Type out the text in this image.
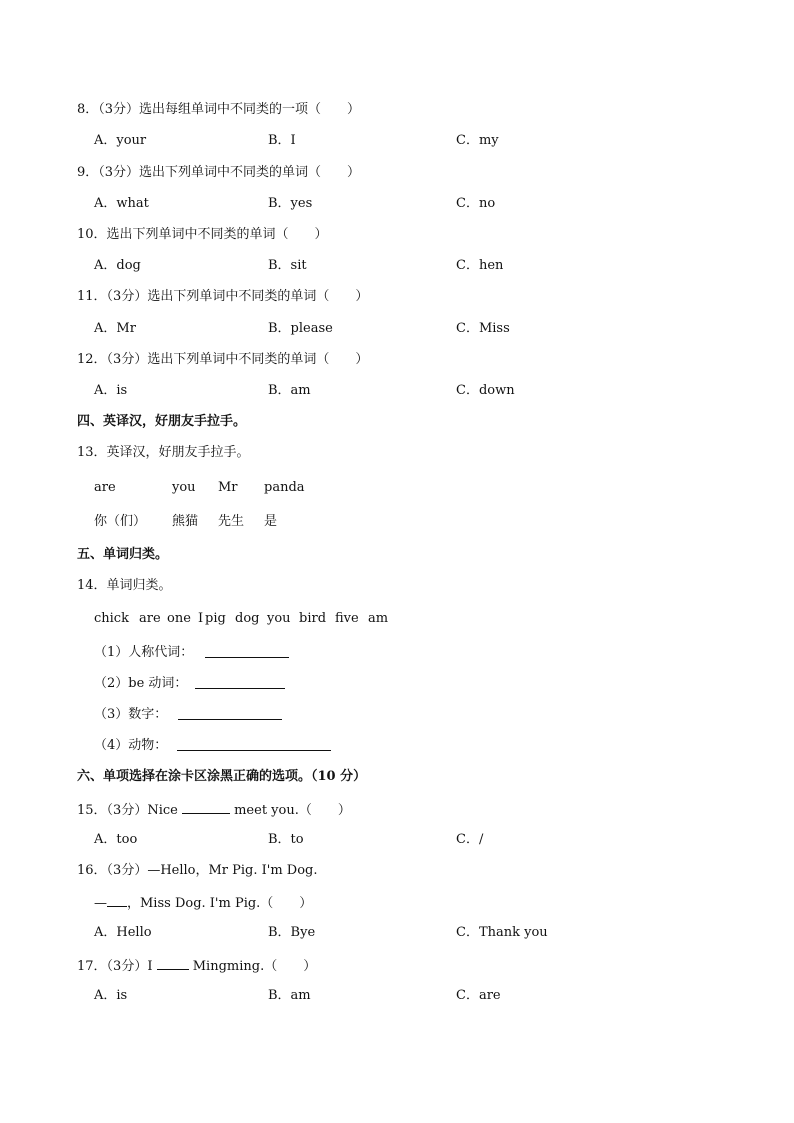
8．（3分）选出每组单词中不同类的一项（　　）
A．your	B．I	C．my
9．（3分）选出下列单词中不同类的单词（　　）
A．what	B．yes	C．no
10．选出下列单词中不同类的单词（　　）
A．dog	B．sit	C．hen
11．（3分）选出下列单词中不同类的单词（　　）
A．Mr	B．please	C．Miss
12．（3分）选出下列单词中不同类的单词（　　）
A．is	B．am	C．down
四、英译汉，好朋友手拉手。
13．英译汉，好朋友手拉手。
are	you Mr panda
你（们） 熊猫 先生 是
五、单词归类。
14．单词归类。
chick are one I pig dog you bird five am
（1）人称代词：
（2）be 动词：
（3）数字：
（4）动物：
六、单项选择在涂卡区涂黑正确的选项。（10 分）
15．（3分）Nice	meet you.（　　）
A．too	B．to	C．/
16．（3分）—Hello，Mr Pig. I'm Dog.
— ，Miss Dog. I'm Pig.（　　）
A．Hello	B．Bye	C．Thank you
17．（3分）I	Mingming.（　　）
A．is	B．am	C．are
